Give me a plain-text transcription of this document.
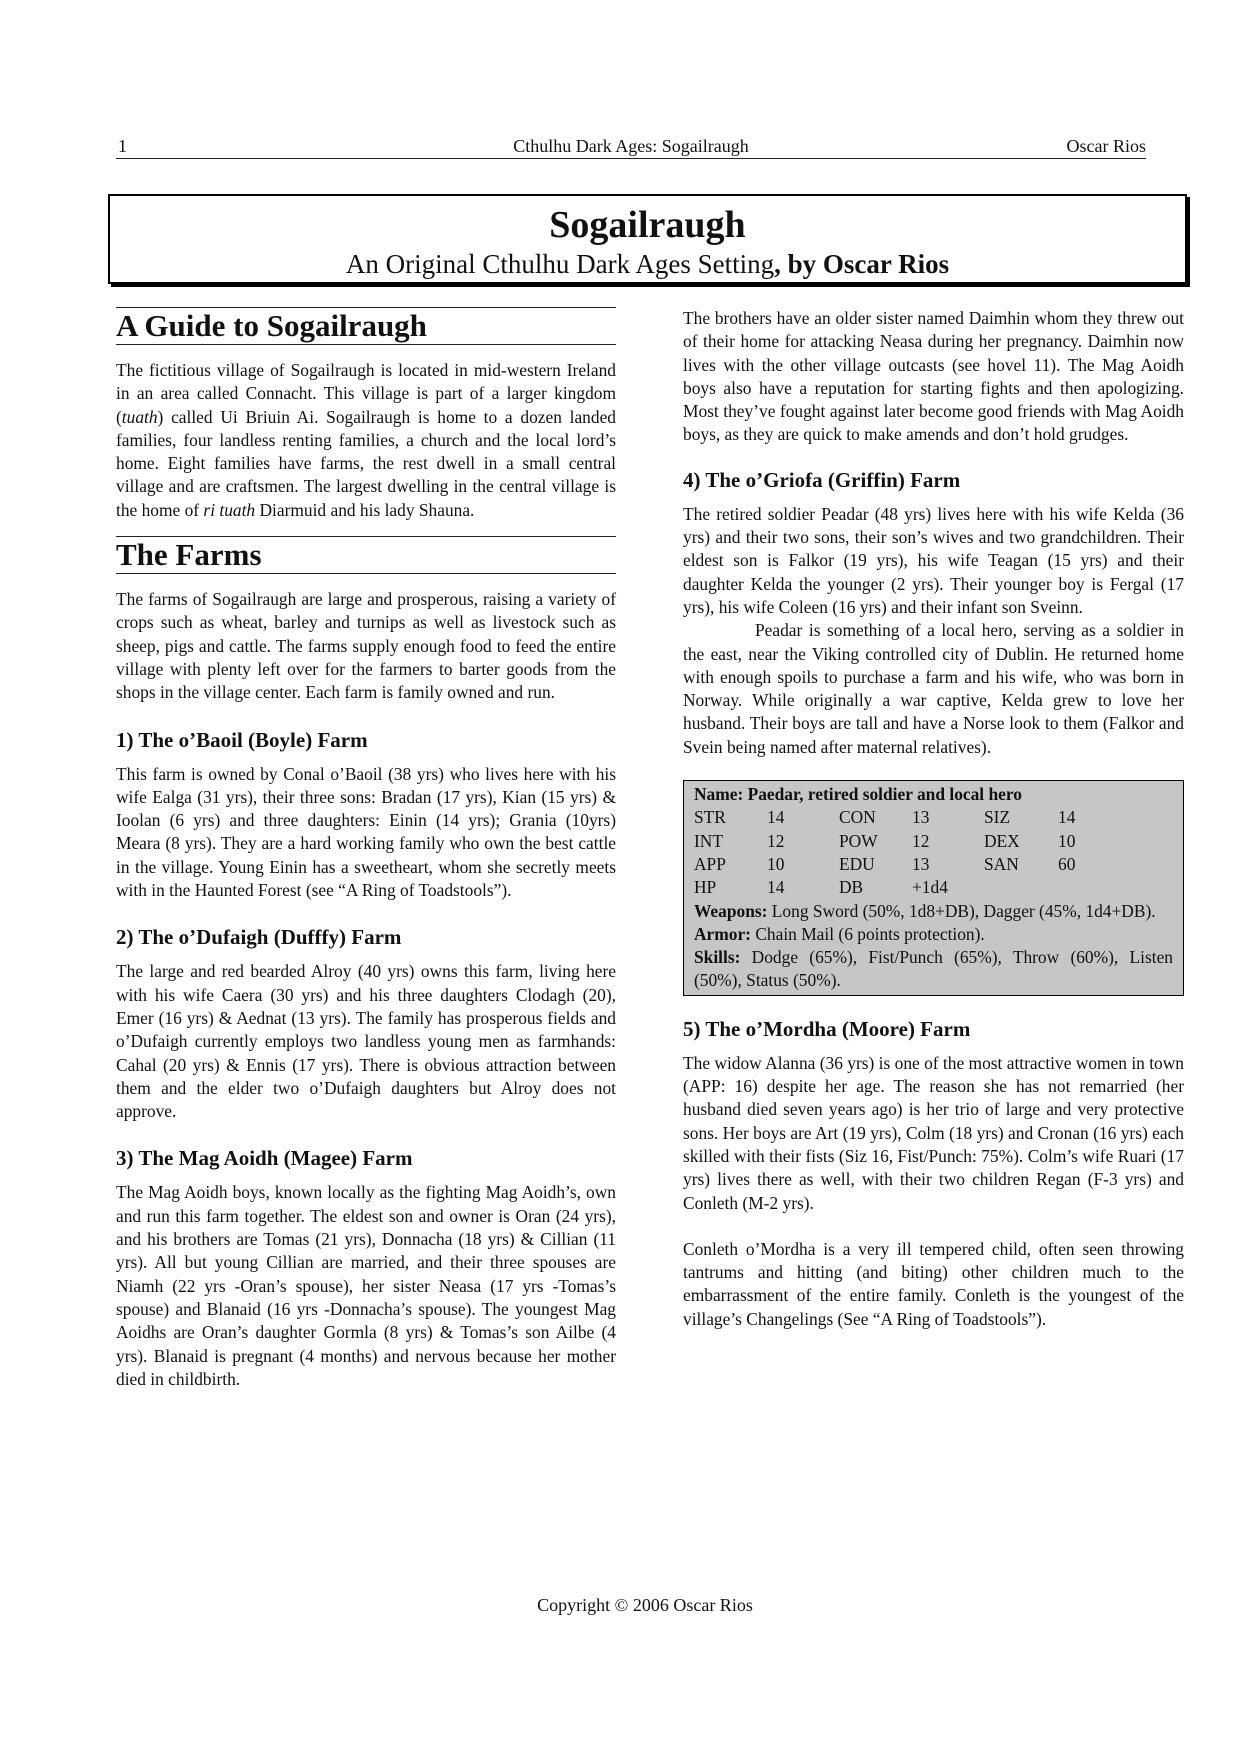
1	Cthulhu Dark Ages: Sogailraugh	Oscar Rios
Sogailraugh
An Original Cthulhu Dark Ages Setting, by Oscar Rios
A Guide to Sogailraugh

The fictitious village of Sogailraugh is located in mid-western Ireland in an area called Connacht. This village is part of a larger kingdom (tuath) called Ui Briuin Ai. Sogailraugh is home to a dozen landed families, four landless renting families, a church and the local lord’s home. Eight families have farms, the rest dwell in a small central village and are craftsmen. The largest dwelling in the central village is the home of ri tuath Diarmuid and his lady Shauna.

The Farms

The farms of Sogailraugh are large and prosperous, raising a variety of crops such as wheat, barley and turnips as well as livestock such as sheep, pigs and cattle. The farms supply enough food to feed the entire village with plenty left over for the farmers to barter goods from the shops in the village center. Each farm is family owned and run.

1) The o’Baoil (Boyle) Farm

This farm is owned by Conal o’Baoil (38 yrs) who lives here with his wife Ealga (31 yrs), their three sons: Bradan (17 yrs), Kian (15 yrs) & Ioolan (6 yrs) and three daughters: Einin (14 yrs); Grania (10yrs) Meara (8 yrs). They are a hard working family who own the best cattle in the village. Young Einin has a sweetheart, whom she secretly meets with in the Haunted Forest (see “A Ring of Toadstools”).

2) The o’Dufaigh (Dufffy) Farm

The large and red bearded Alroy (40 yrs) owns this farm, living here with his wife Caera (30 yrs) and his three daughters Clodagh (20), Emer (16 yrs) & Aednat (13 yrs). The family has prosperous fields and o’Dufaigh currently employs two landless young men as farmhands: Cahal (20 yrs) & Ennis (17 yrs). There is obvious attraction between them and the elder two o’Dufaigh daughters but Alroy does not approve.

3) The Mag Aoidh (Magee) Farm

The Mag Aoidh boys, known locally as the fighting Mag Aoidh’s, own and run this farm together. The eldest son and owner is Oran (24 yrs), and his brothers are Tomas (21 yrs), Donnacha (18 yrs) & Cillian (11 yrs). All but young Cillian are married, and their three spouses are Niamh (22 yrs -Oran’s spouse), her sister Neasa (17 yrs -Tomas’s spouse) and Blanaid (16 yrs -Donnacha’s spouse). The youngest Mag Aoidhs are Oran’s daughter Gormla (8 yrs) & Tomas’s son Ailbe (4 yrs). Blanaid is pregnant (4 months) and nervous because her mother died in childbirth.

The brothers have an older sister named Daimhin whom they threw out of their home for attacking Neasa during her pregnancy. Daimhin now lives with the other village outcasts (see hovel 11). The Mag Aoidh boys also have a reputation for starting fights and then apologizing. Most they’ve fought against later become good friends with Mag Aoidh boys, as they are quick to make amends and don’t hold grudges.

4) The o’Griofa (Griffin) Farm

The retired soldier Peadar (48 yrs) lives here with his wife Kelda (36 yrs) and their two sons, their son’s wives and two grandchildren. Their eldest son is Falkor (19 yrs), his wife Teagan (15 yrs) and their daughter Kelda the younger (2 yrs). Their younger boy is Fergal (17 yrs), his wife Coleen (16 yrs) and their infant son Sveinn.

Peadar is something of a local hero, serving as a soldier in the east, near the Viking controlled city of Dublin. He returned home with enough spoils to purchase a farm and his wife, who was born in Norway. While originally a war captive, Kelda grew to love her husband. Their boys are tall and have a Norse look to them (Falkor and Svein being named after maternal relatives).

Name: Paedar, retired soldier and local hero

STR	14	CON	13	SIZ	14
INT	12	POW	12	DEX	10
APP	10	EDU	13	SAN	60
HP	14	DB	+1d4

Weapons: Long Sword (50%, 1d8+DB), Dagger (45%, 1d4+DB).

Armor: Chain Mail (6 points protection).

Skills: Dodge (65%), Fist/Punch (65%), Throw (60%), Listen (50%), Status (50%).

5) The o’Mordha (Moore) Farm

The widow Alanna (36 yrs) is one of the most attractive women in town (APP: 16) despite her age. The reason she has not remarried (her husband died seven years ago) is her trio of large and very protective sons. Her boys are Art (19 yrs), Colm (18 yrs) and Cronan (16 yrs) each skilled with their fists (Siz 16, Fist/Punch: 75%). Colm’s wife Ruari (17 yrs) lives there as well, with their two children Regan (F-3 yrs) and Conleth (M-2 yrs).

Conleth o’Mordha is a very ill tempered child, often seen throwing tantrums and hitting (and biting) other children much to the embarrassment of the entire family. Conleth is the youngest of the village’s Changelings (See “A Ring of Toadstools”).

Copyright © 2006 Oscar Rios
